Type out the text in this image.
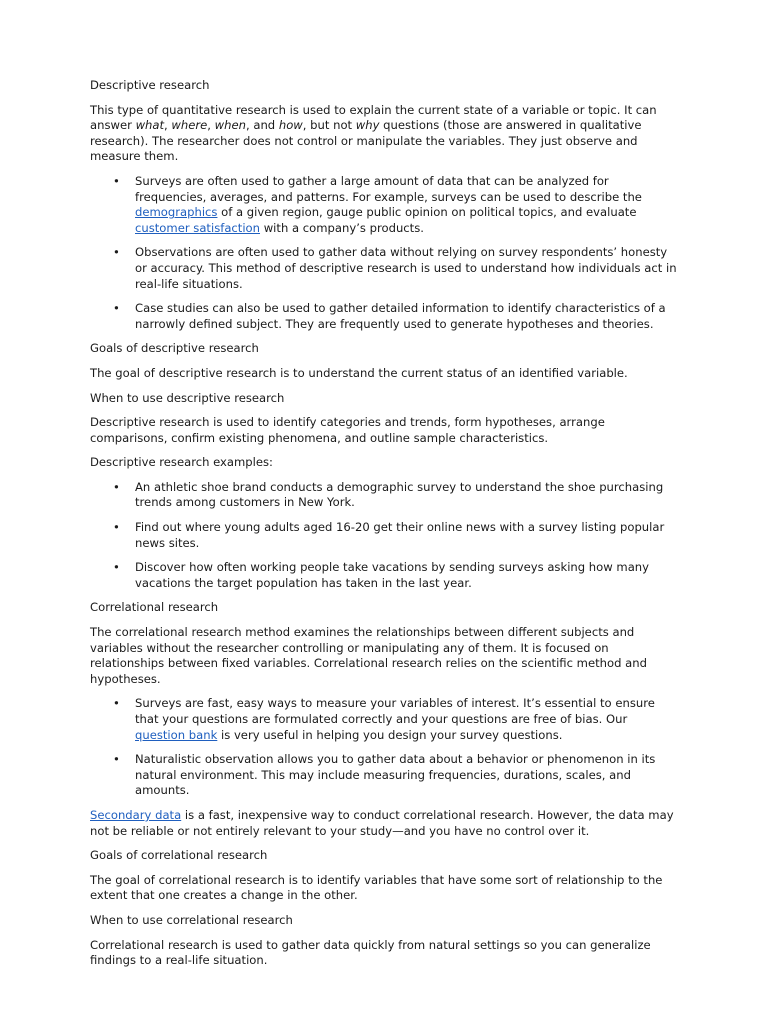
Descriptive research

This type of quantitative research is used to explain the current state of a variable or topic. It can answer what, where, when, and how, but not why questions (those are answered in qualitative research). The researcher does not control or manipulate the variables. They just observe and measure them.

• Surveys are often used to gather a large amount of data that can be analyzed for frequencies, averages, and patterns. For example, surveys can be used to describe the demographics of a given region, gauge public opinion on political topics, and evaluate customer satisfaction with a company’s products.
• Observations are often used to gather data without relying on survey respondents’ honesty or accuracy. This method of descriptive research is used to understand how individuals act in real-life situations.
• Case studies can also be used to gather detailed information to identify characteristics of a narrowly defined subject. They are frequently used to generate hypotheses and theories.
Goals of descriptive research

The goal of descriptive research is to understand the current status of an identified variable.

When to use descriptive research

Descriptive research is used to identify categories and trends, form hypotheses, arrange comparisons, confirm existing phenomena, and outline sample characteristics.

Descriptive research examples:
• An athletic shoe brand conducts a demographic survey to understand the shoe purchasing trends among customers in New York.
• Find out where young adults aged 16-20 get their online news with a survey listing popular news sites.
• Discover how often working people take vacations by sending surveys asking how many vacations the target population has taken in the last year.
Correlational research

The correlational research method examines the relationships between different subjects and variables without the researcher controlling or manipulating any of them. It is focused on relationships between fixed variables. Correlational research relies on the scientific method and hypotheses.

• Surveys are fast, easy ways to measure your variables of interest. It’s essential to ensure that your questions are formulated correctly and your questions are free of bias. Our question bank is very useful in helping you design your survey questions.
• Naturalistic observation allows you to gather data about a behavior or phenomenon in its natural environment. This may include measuring frequencies, durations, scales, and amounts.

Secondary data is a fast, inexpensive way to conduct correlational research. However, the data may not be reliable or not entirely relevant to your study—and you have no control over it.

Goals of correlational research

The goal of correlational research is to identify variables that have some sort of relationship to the extent that one creates a change in the other.

When to use correlational research

Correlational research is used to gather data quickly from natural settings so you can generalize findings to a real-life situation.
